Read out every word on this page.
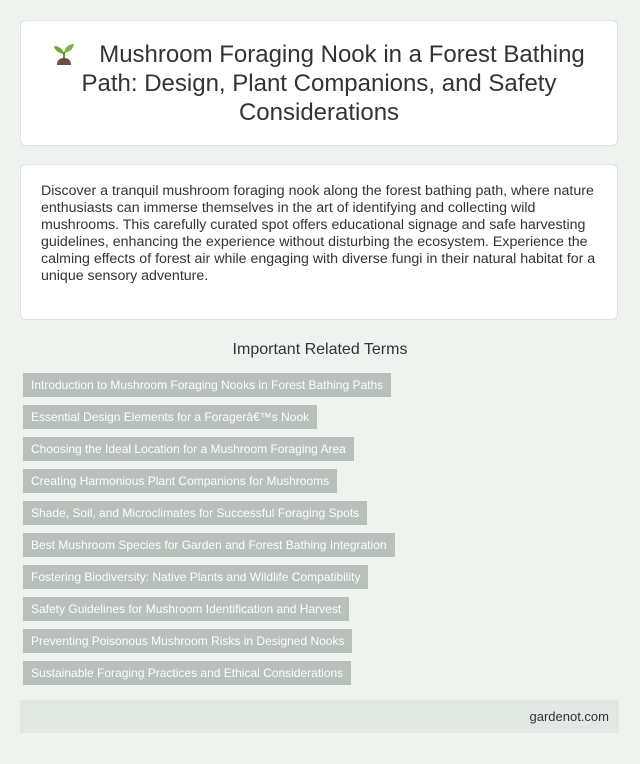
Mushroom Foraging Nook in a Forest Bathing Path: Design, Plant Companions, and Safety Considerations

Discover a tranquil mushroom foraging nook along the forest bathing path, where nature enthusiasts can immerse themselves in the art of identifying and collecting wild mushrooms. This carefully curated spot offers educational signage and safe harvesting guidelines, enhancing the experience without disturbing the ecosystem. Experience the calming effects of forest air while engaging with diverse fungi in their natural habitat for a unique sensory adventure.

Important Related Terms
Introduction to Mushroom Foraging Nooks in Forest Bathing Paths
Essential Design Elements for a Foragerâ€™s Nook
Choosing the Ideal Location for a Mushroom Foraging Area
Creating Harmonious Plant Companions for Mushrooms
Shade, Soil, and Microclimates for Successful Foraging Spots
Best Mushroom Species for Garden and Forest Bathing Integration
Fostering Biodiversity: Native Plants and Wildlife Compatibility
Safety Guidelines for Mushroom Identification and Harvest
Preventing Poisonous Mushroom Risks in Designed Nooks
Sustainable Foraging Practices and Ethical Considerations
gardenot.com
